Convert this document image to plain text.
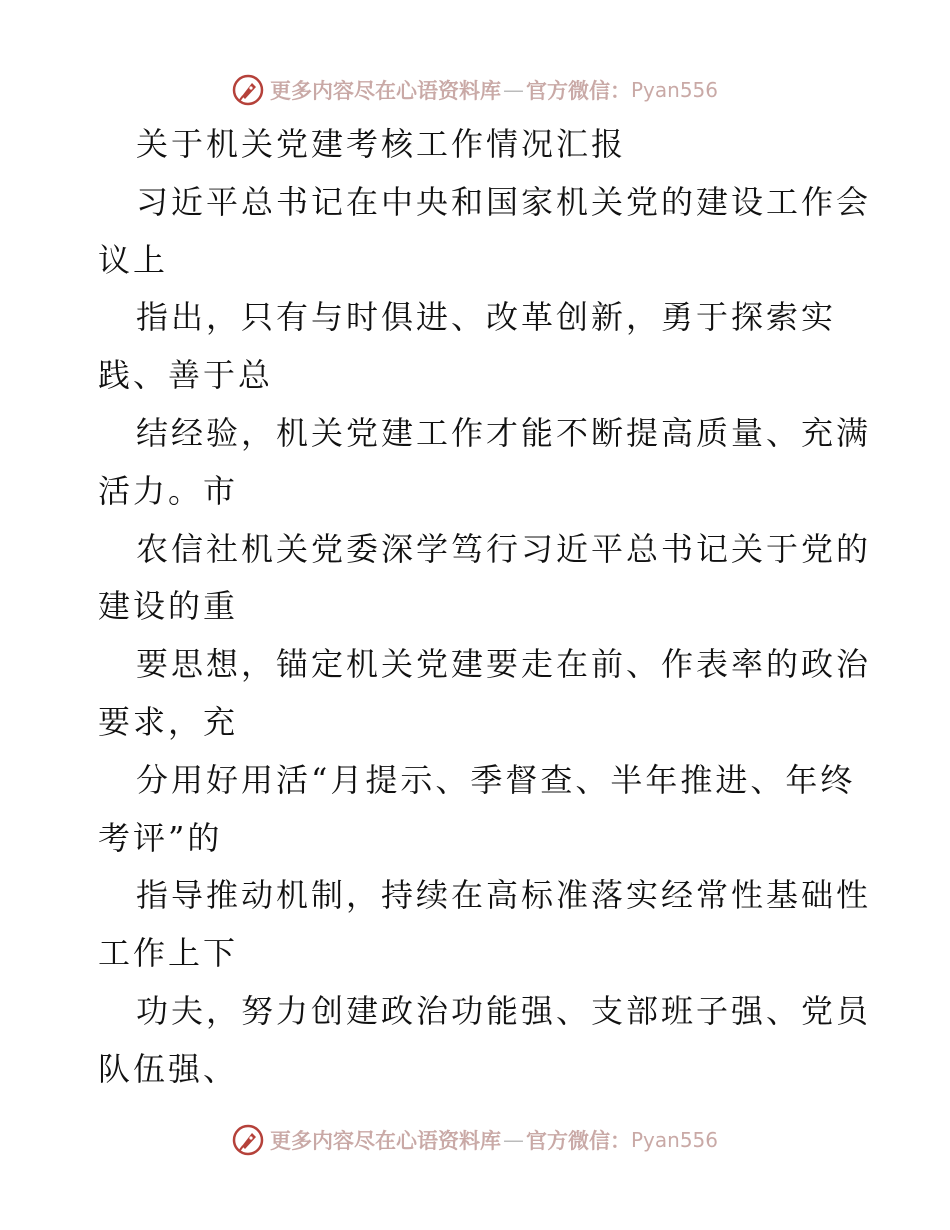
更多内容尽在心语资料库 — 官方微信： Pyan556
关于机关党建考核工作情况汇报
习近平总书记在中央和国家机关党的建设工作会
议上
指出，只有与时俱进、改革创新，勇于探索实
践、善于总
结经验，机关党建工作才能不断提高质量、充满
活力。市
农信社机关党委深学笃行习近平总书记关于党的
建设的重
要思想，锚定机关党建要走在前、作表率的政治
要求，充
分用好用活“月提示、季督查、半年推进、年终
考评”的
指导推动机制，持续在高标准落实经常性基础性
工作上下
功夫，努力创建政治功能强、支部班子强、党员
队伍强、
更多内容尽在心语资料库 — 官方微信： Pyan556
